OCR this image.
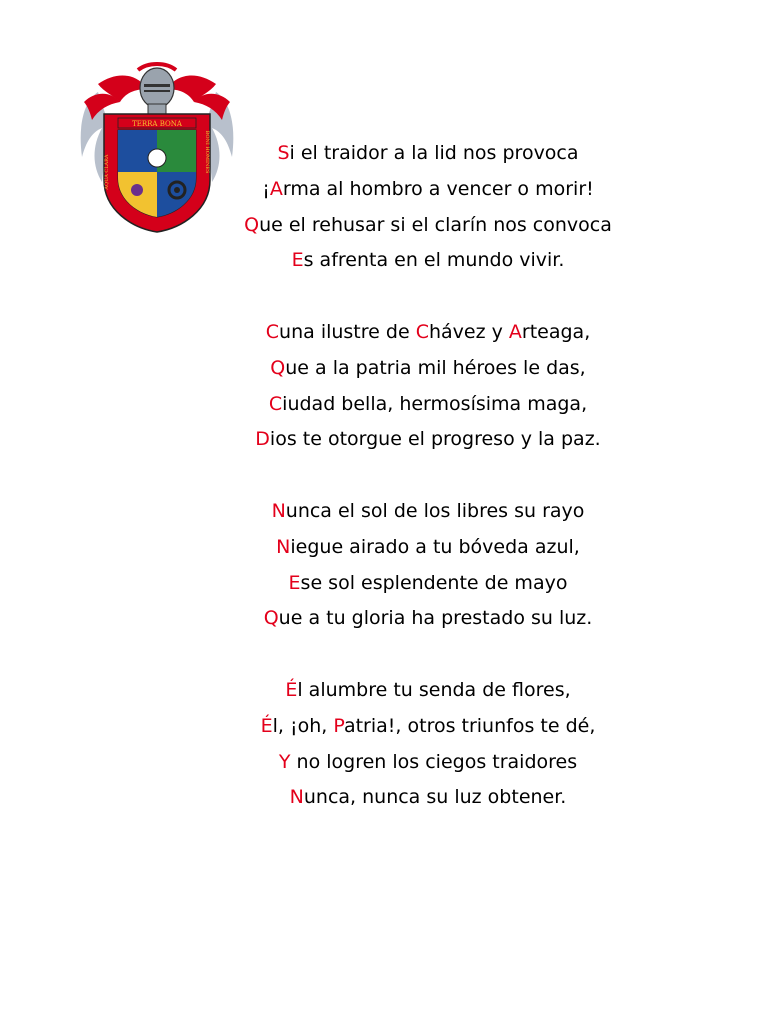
TERRA BONA
BONI HOMINES
AQUA CLARA
Si el traidor a la lid nos provoca
¡Arma al hombro a vencer o morir!
Que el rehusar si el clarín nos convoca
Es afrenta en el mundo vivir.
Cuna ilustre de Chávez y Arteaga,
Que a la patria mil héroes le das,
Ciudad bella, hermosísima maga,
Dios te otorgue el progreso y la paz.
Nunca el sol de los libres su rayo
Niegue airado a tu bóveda azul,
Ese sol esplendente de mayo
Que a tu gloria ha prestado su luz.
Él alumbre tu senda de flores,
Él, ¡oh, Patria!, otros triunfos te dé,
Y no logren los ciegos traidores
Nunca, nunca su luz obtener.
